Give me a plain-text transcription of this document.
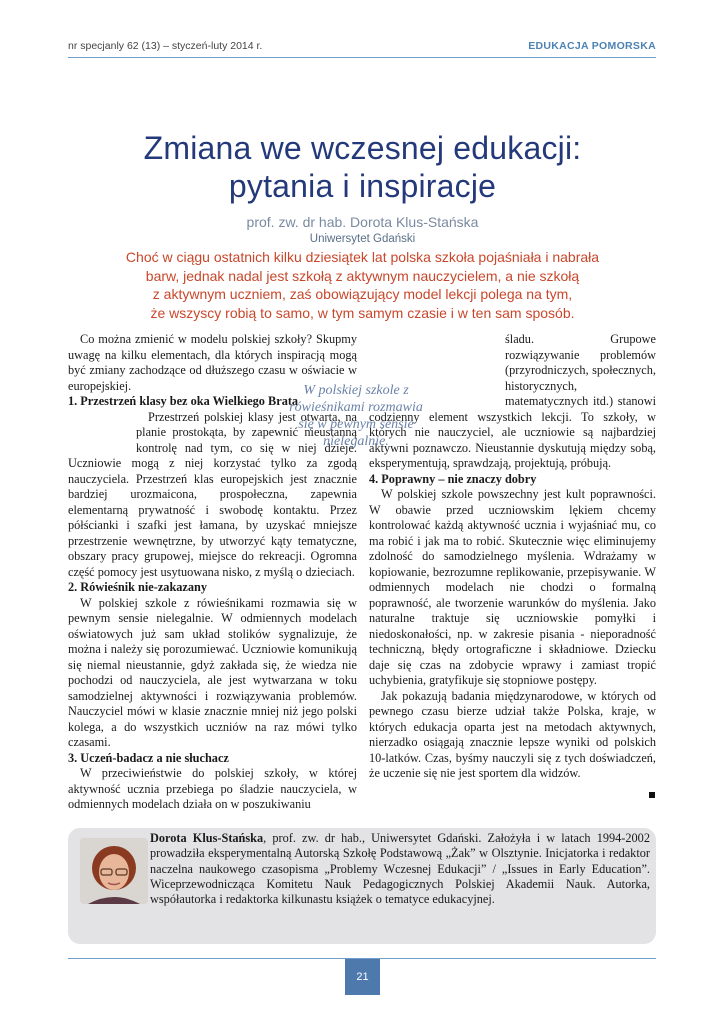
nr specjanly 62 (13) – styczeń-luty 2014 r.	EDUKACJA POMORSKA
Zmiana we wczesnej edukacji:
pytania i inspiracje
prof. zw. dr hab. Dorota Klus-Stańska
Uniwersytet Gdański
Choć w ciągu ostatnich kilku dziesiątek lat polska szkoła pojaśniała i nabrała
barw, jednak nadal jest szkołą z aktywnym nauczycielem, a nie szkołą
z aktywnym uczniem, zaś obowiązujący model lekcji polega na tym,
że wszyscy robią to samo, w tym samym czasie i w ten sam sposób.

Co można zmienić w modelu polskiej szkoły? Skupmy uwagę na kilku elementach, dla których inspiracją mogą być zmiany zachodzące od dłuższego czasu w oświacie w europejskiej.

1. Przestrzeń klasy bez oka Wielkiego Brata

Przestrzeń polskiej klasy jest otwarta, na planie prostokąta, by zapewnić nieustanną kontrolę nad tym, co się w niej dzieje. Uczniowie mogą z niej korzystać tylko za zgodą nauczyciela. Przestrzeń klas europejskich jest znacznie bardziej urozmaicona, prospołeczna, zapewnia elementarną prywatność i swobodę kontaktu. Przez półścianki i szafki jest łamana, by uzyskać mniejsze przestrzenie wewnętrzne, by utworzyć kąty tematyczne, obszary pracy grupowej, miejsce do rekreacji. Ogromna część pomocy jest usytuowana nisko, z myślą o dzieciach.

2. Rówieśnik nie-zakazany

W polskiej szkole z rówieśnikami rozmawia się w pewnym sensie nielegalnie. W odmiennych modelach oświatowych już sam układ stolików sygnalizuje, że można i należy się porozumiewać. Uczniowie komunikują się niemal nieustannie, gdyż zakłada się, że wiedza nie pochodzi od nauczyciela, ale jest wytwarzana w toku samodzielnej aktywności i rozwiązywania problemów. Nauczyciel mówi w klasie znacznie mniej niż jego polski kolega, a do wszystkich uczniów na raz mówi tylko czasami.

3. Uczeń-badacz a nie słuchacz

W przeciwieństwie do polskiej szkoły, w której aktywność ucznia przebiega po śladzie nauczyciela, w odmiennych modelach działa on w poszukiwaniu

śladu. Grupowe rozwiązywanie problemów (przyrodniczych, społecznych, historycznych, matematycznych itd.) stanowi codzienny element wszystkich lekcji. To szkoły, w których nie nauczyciel, ale uczniowie są najbardziej aktywni poznawczo. Nieustannie dyskutują między sobą, eksperymentują, sprawdzają, projektują, próbują.

4. Poprawny – nie znaczy dobry

W polskiej szkole powszechny jest kult poprawności. W obawie przed uczniowskim lękiem chcemy kontrolować każdą aktywność ucznia i wyjaśniać mu, co ma robić i jak ma to robić. Skutecznie więc eliminujemy zdolność do samodzielnego myślenia. Wdrażamy w kopiowanie, bezrozumne replikowanie, przepisywanie. W odmiennych modelach nie chodzi o formalną poprawność, ale tworzenie warunków do myślenia. Jako naturalne traktuje się uczniowskie pomyłki i niedoskonałości, np. w zakresie pisania - nieporadność techniczną, błędy ortograficzne i składniowe. Dziecku daje się czas na zdobycie wprawy i zamiast tropić uchybienia, gratyfikuje się stopniowe postępy.

Jak pokazują badania międzynarodowe, w których od pewnego czasu bierze udział także Polska, kraje, w których edukacja oparta jest na metodach aktywnych, nierzadko osiągają znacznie lepsze wyniki od polskich 10-latków. Czas, byśmy nauczyli się z tych doświadczeń, że uczenie się nie jest sportem dla widzów.

W polskiej szkole z rówieśnikami rozmawia się w pewnym sensie nielegalnie.
Dorota Klus-Stańska, prof. zw. dr hab., Uniwersytet Gdański. Założyła i w latach 1994-2002 prowadziła eksperymentalną Autorską Szkołę Podstawową „Żak” w Olsztynie. Inicjatorka i redaktor naczelna naukowego czasopisma „Problemy Wczesnej Edukacji” / „Issues in Early Education”. Wiceprzewodnicząca Komitetu Nauk Pedagogicznych Polskiej Akademii Nauk. Autorka, współautorka i redaktorka kilkunastu książek o tematyce edukacyjnej.
21
